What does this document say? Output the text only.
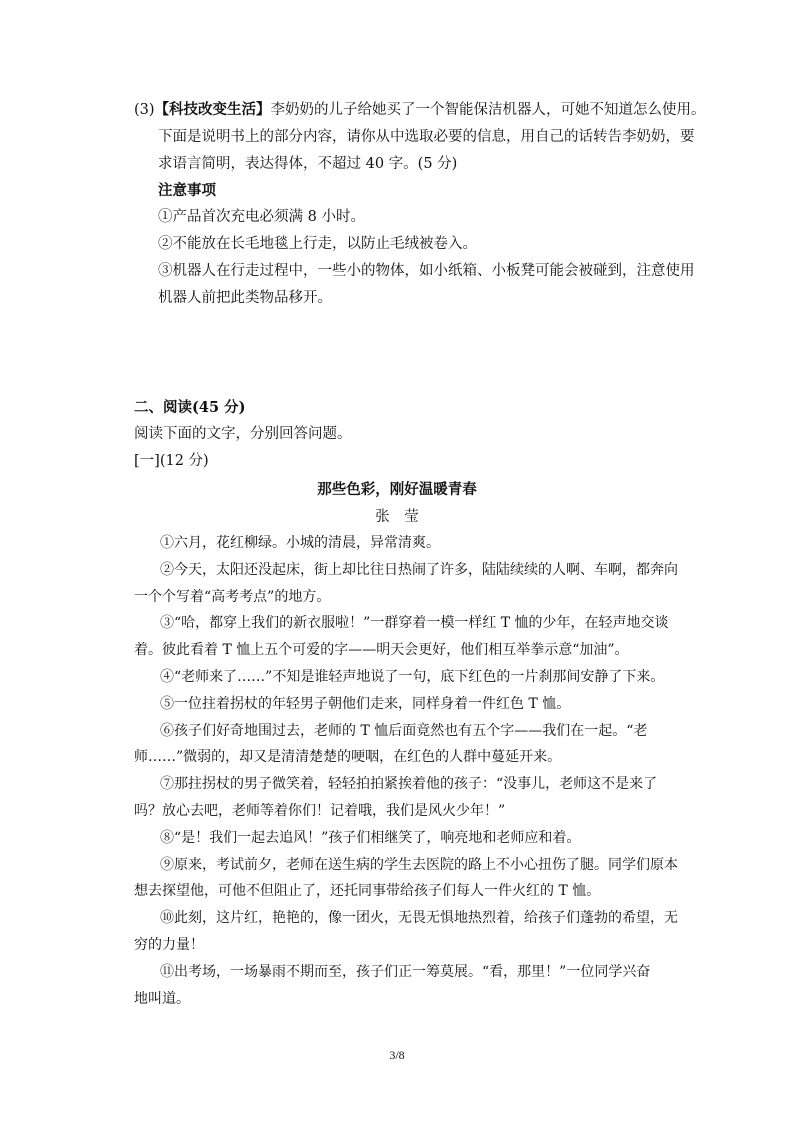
(3)【科技改变生活】李奶奶的儿子给她买了一个智能保洁机器人，可她不知道怎么使用。
下面是说明书上的部分内容，请你从中选取必要的信息，用自己的话转告李奶奶，要
求语言简明，表达得体，不超过 40 字。(5 分)
注意事项
①产品首次充电必须满 8 小时。
②不能放在长毛地毯上行走，以防止毛绒被卷入。
③机器人在行走过程中，一些小的物体，如小纸箱、小板凳可能会被碰到，注意使用
机器人前把此类物品移开。
二、阅读(45 分)
阅读下面的文字，分别回答问题。
[一](12 分)
那些色彩，刚好温暖青春
张　莹
①六月，花红柳绿。小城的清晨，异常清爽。
②今天，太阳还没起床，街上却比往日热闹了许多，陆陆续续的人啊、车啊，都奔向
一个个写着“高考考点”的地方。
③“哈，都穿上我们的新衣服啦！”一群穿着一模一样红 T 恤的少年，在轻声地交谈
着。彼此看着 T 恤上五个可爱的字——明天会更好，他们相互举拳示意“加油”。
④“老师来了……”不知是谁轻声地说了一句，底下红色的一片刹那间安静了下来。
⑤一位拄着拐杖的年轻男子朝他们走来，同样身着一件红色 T 恤。
⑥孩子们好奇地围过去，老师的 T 恤后面竟然也有五个字——我们在一起。“老
师……”微弱的，却又是清清楚楚的哽咽，在红色的人群中蔓延开来。
⑦那拄拐杖的男子微笑着，轻轻拍拍紧挨着他的孩子：“没事儿，老师这不是来了
吗？放心去吧，老师等着你们！记着哦，我们是风火少年！”
⑧“是！我们一起去追风！”孩子们相继笑了，响亮地和老师应和着。
⑨原来，考试前夕，老师在送生病的学生去医院的路上不小心扭伤了腿。同学们原本
想去探望他，可他不但阻止了，还托同事带给孩子们每人一件火红的 T 恤。
⑩此刻，这片红，艳艳的，像一团火，无畏无惧地热烈着，给孩子们蓬勃的希望，无
穷的力量！
⑪出考场，一场暴雨不期而至，孩子们正一筹莫展。“看，那里！”一位同学兴奋
地叫道。
3/8
